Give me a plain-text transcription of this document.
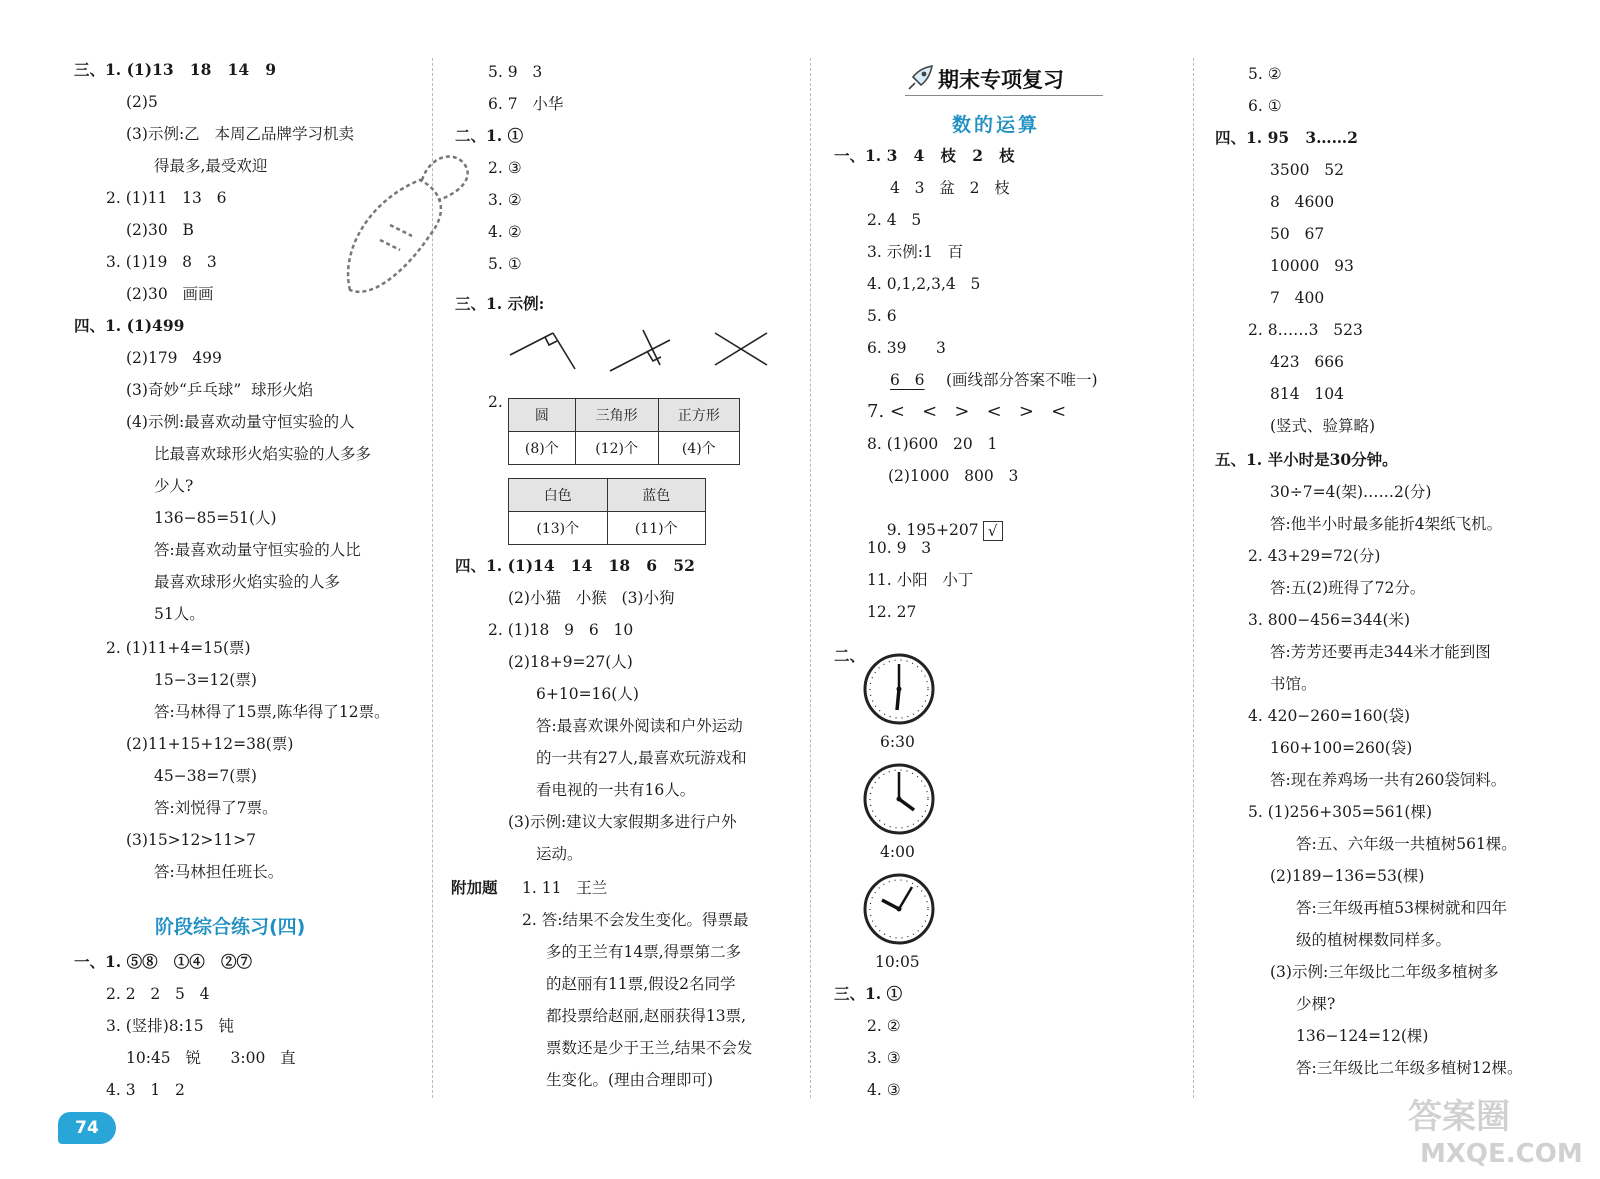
三、1. (1)13   18   14   9
(2)5
(3)示例:乙   本周乙品牌学习机卖
得最多,最受欢迎
2. (1)11   13   6
(2)30   B
3. (1)19   8   3
(2)30   画画
四、1. (1)499
(2)179   499
(3)奇妙“乒乓球”  球形火焰
(4)示例:最喜欢动量守恒实验的人
比最喜欢球形火焰实验的人多多
少人?
136−85=51(人)
答:最喜欢动量守恒实验的人比
最喜欢球形火焰实验的人多
51人。
2. (1)11+4=15(票)
15−3=12(票)
答:马林得了15票,陈华得了12票。
(2)11+15+12=38(票)
45−38=7(票)
答:刘悦得了7票。
(3)15>12>11>7
答:马林担任班长。
阶段综合练习(四)
一、1. ⑤⑧   ①④   ②⑦
2. 2   2   5   4
3. (竖排)8:15   钝
10:45   锐      3:00   直
4. 3   1   2
5. 9   3
6. 7   小华
二、1. ①
2. ③
3. ②
4. ②
5. ①
三、1. 示例:
2.
圆	三角形	正方形
(8)个	(12)个	(4)个
白色	蓝色
(13)个	(11)个
四、1. (1)14   14   18   6   52
(2)小猫   小猴   (3)小狗
2. (1)18   9   6   10
(2)18+9=27(人)
6+10=16(人)
答:最喜欢课外阅读和户外运动
的一共有27人,最喜欢玩游戏和
看电视的一共有16人。
(3)示例:建议大家假期多进行户外
运动。
附加题 1. 11   王兰
2. 答:结果不会发生变化。得票最
多的王兰有14票,得票第二多
的赵丽有11票,假设2名同学
都投票给赵丽,赵丽获得13票,
票数还是少于王兰,结果不会发
生变化。(理由合理即可)
期末专项复习
数的运算
一、1. 3   4   枝   2   枝
4   3   盆   2   枝
2. 4   5
3. 示例:1   百
4. 0,1,2,3,4   5
5. 6
6. 39      3
6   6 (画线部分答案不唯一)
7. <   <   >   <   >   <
8. (1)600   20   1
(2)1000   800   3

9. 195+207 √

10. 9   3
11. 小阳   小丁
12. 27
二、
6:30
4:00
10:05
三、1. ①
2. ②
3. ③
4. ③
5. ②
6. ①
四、1. 95   3……2
3500   52
8   4600
50   67
10000   93
7   400
2. 8……3   523
423   666
814   104
(竖式、验算略)
五、1. 半小时是30分钟。
30÷7=4(架)……2(分)
答:他半小时最多能折4架纸飞机。
2. 43+29=72(分)
答:五(2)班得了72分。
3. 800−456=344(米)
答:芳芳还要再走344米才能到图
书馆。
4. 420−260=160(袋)
160+100=260(袋)
答:现在养鸡场一共有260袋饲料。
5. (1)256+305=561(棵)
答:五、六年级一共植树561棵。
(2)189−136=53(棵)
答:三年级再植53棵树就和四年
级的植树棵数同样多。
(3)示例:三年级比二年级多植树多
少棵?
136−124=12(棵)
答:三年级比二年级多植树12棵。
74	答案圈
MXQE.COM
